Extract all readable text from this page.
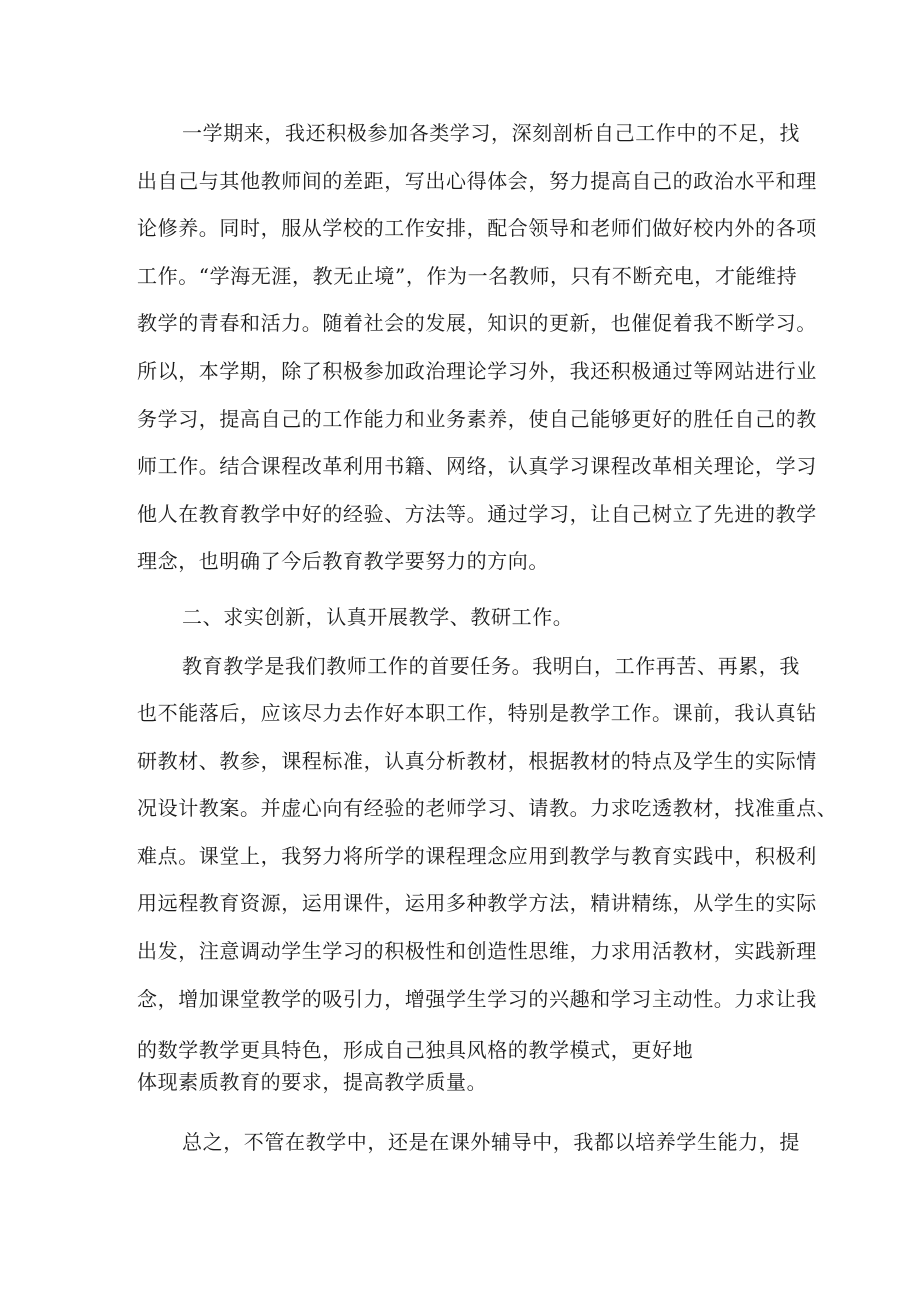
一学期来，我还积极参加各类学习，深刻剖析自己工作中的不足，找
出自己与其他教师间的差距，写出心得体会，努力提高自己的政治水平和理
论修养。同时，服从学校的工作安排，配合领导和老师们做好校内外的各项
工作。“学海无涯，教无止境”，作为一名教师，只有不断充电，才能维持
教学的青春和活力。随着社会的发展，知识的更新，也催促着我不断学习。
所以，本学期，除了积极参加政治理论学习外，我还积极通过等网站进行业
务学习，提高自己的工作能力和业务素养，使自己能够更好的胜任自己的教
师工作。结合课程改革利用书籍、网络，认真学习课程改革相关理论，学习
他人在教育教学中好的经验、方法等。通过学习，让自己树立了先进的教学
理念，也明确了今后教育教学要努力的方向。
二、求实创新，认真开展教学、教研工作。
教育教学是我们教师工作的首要任务。我明白，工作再苦、再累，我
也不能落后，应该尽力去作好本职工作，特别是教学工作。课前，我认真钻
研教材、教参，课程标准，认真分析教材，根据教材的特点及学生的实际情
况设计教案。并虚心向有经验的老师学习、请教。力求吃透教材，找准重点、
难点。课堂上，我努力将所学的课程理念应用到教学与教育实践中，积极利
用远程教育资源，运用课件，运用多种教学方法，精讲精练，从学生的实际
出发，注意调动学生学习的积极性和创造性思维，力求用活教材，实践新理
念，增加课堂教学的吸引力，增强学生学习的兴趣和学习主动性。力求让我
的数学教学更具特色，形成自己独具风格的教学模式，更好地
体现素质教育的要求，提高教学质量。
总之，不管在教学中，还是在课外辅导中，我都以培养学生能力，提
